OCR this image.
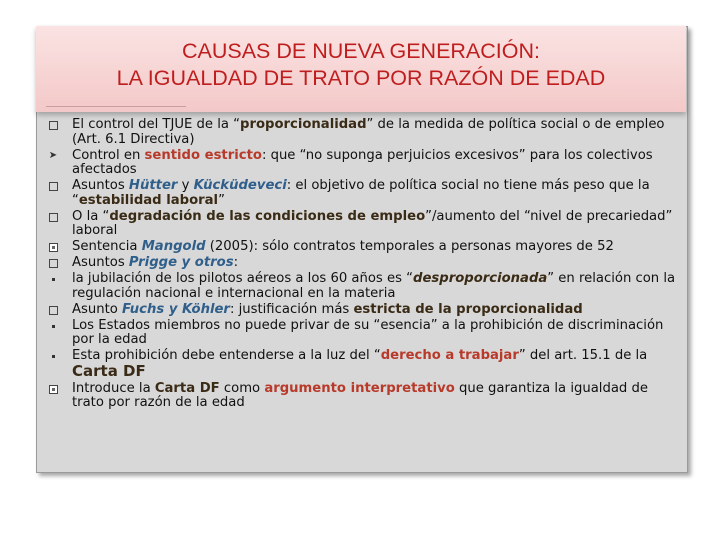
CAUSAS DE NUEVA GENERACIÓN:
LA IGUALDAD DE TRATO POR RAZÓN DE EDAD
El control del TJUE de la “proporcionalidad” de la medida de política social o de empleo (Art. 6.1 Directiva)
➤ Control en sentido estricto: que “no suponga perjuicios excesivos” para los colectivos afectados
Asuntos Hütter y Kücküdeveci: el objetivo de política social no tiene más peso que la “estabilidad laboral”
O la “degradación de las condiciones de empleo”/aumento del “nivel de precariedad” laboral
Sentencia Mangold (2005): sólo contratos temporales a personas mayores de 52
Asuntos Prigge y otros:
la jubilación de los pilotos aéreos a los 60 años es “desproporcionada” en relación con la regulación nacional e internacional en la materia
Asunto Fuchs y Köhler: justificación más estricta de la proporcionalidad
Los Estados miembros no puede privar de su “esencia” a la prohibición de discriminación por la edad
Esta prohibición debe entenderse a la luz del “derecho a trabajar” del art. 15.1 de la Carta DF
Introduce la Carta DF como argumento interpretativo que garantiza la igualdad de trato por razón de la edad
